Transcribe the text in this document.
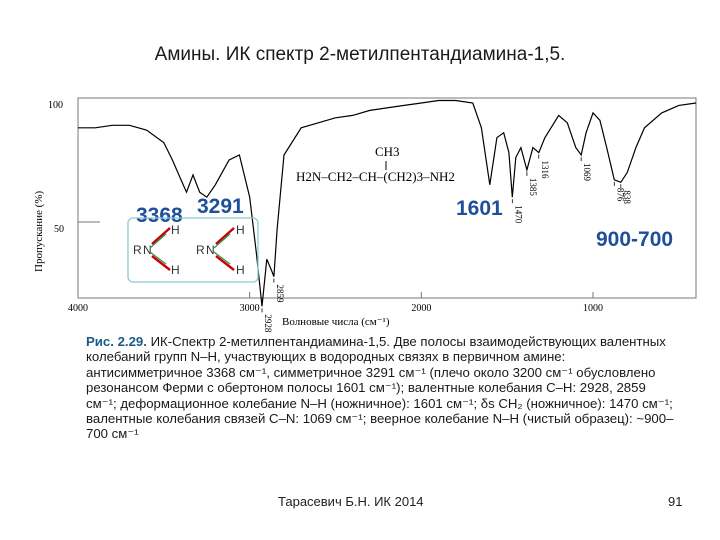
Амины. ИК спектр 2-метилпентандиамина-1,5.
100
50
Пропускание (%)
4000	3000	2000	1000
Волновые числа (см⁻¹)
2928
2859
1470
1385
1316	1069
876
838
CH3
H2N–CH2–CH–(CH2)3–NH2
3368 3291	1601
900-700
R N
H
H
R N
H
H

Рис. 2.29. ИК-Спектр 2-метилпентандиамина-1,5. Две полосы взаимодействующих валентных колебаний групп N–H, участвующих в водородных связях в первичном амине: антисимметричное 3368 см⁻¹, симметричное 3291 см⁻¹ (плечо около 3200 см⁻¹ обусловлено резонансом Ферми с обертоном полосы 1601 см⁻¹); валентные колебания C–H: 2928, 2859 см⁻¹; деформационное колебание N–H (ножничное): 1601 см⁻¹; δs CH₂ (ножничное): 1470 см⁻¹; валентные колебания связей C–N: 1069 см⁻¹; веерное колебание N–H (чистый образец): ~900–700 см⁻¹

Тарасевич Б.Н. ИК 2014	91
